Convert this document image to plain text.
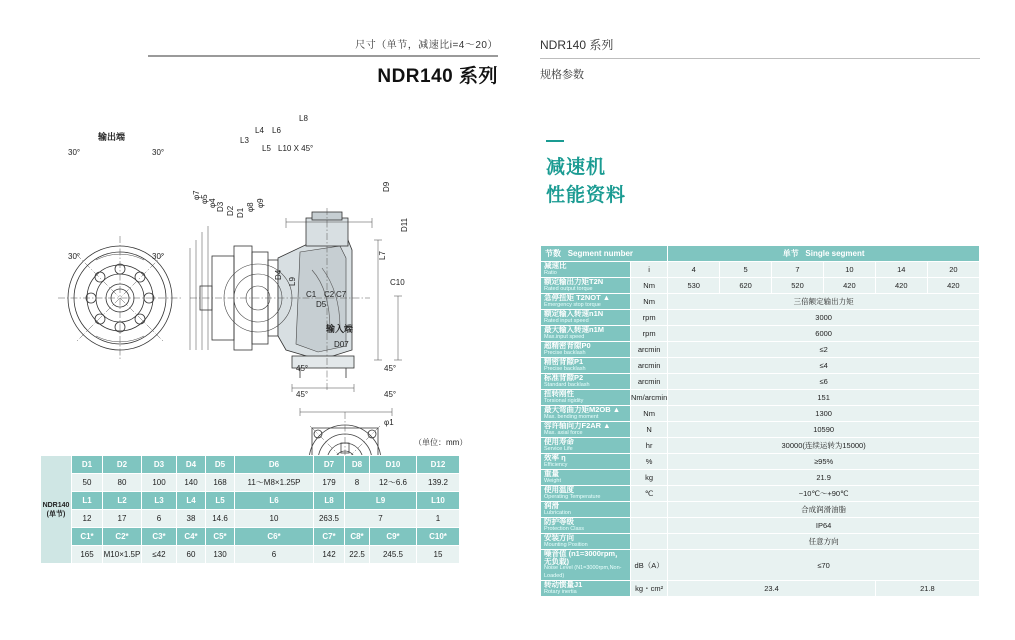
尺寸（单节，减速比i=4～20）
NDR140 系列
NDR140 系列
规格参数
减速机
性能资料
输出端
30°	30°
30°	30°
L8
L4 L6
L3
L5 L10 X 45°
φ7 φ5 φ4 D3 D2 D1
φ8 φ9
D9
D11
D4
L9
L7
C1 C2 C7
C10
D5
输入端
D07
45°
45°
45°
45°
φ1
（单位：mm）
NDR140
(单节)	D1	D2	D3	D4	D5	D6	D7	D8	D10	D12
	50	80	100	140	168	11～M8×1.25P	179	8	12～6.6	139.2
	L1	L2	L3	L4	L5	L6	L8	L9		L10
	12	17	6	38	14.6	10	263.5	7		1
	C1*	C2*	C3*	C4*	C5*	C6*	C7*	C8*	C9*	C10*
	165	M10×1.5P	≤42	60	130	6	142	22.5	245.5	15
节数 Segment number		单节 Single segment					

减速比
Ratio	i	4	5	7	10	14	20

额定输出力矩T2N
Rated output torque	Nm	530	620	520	420	420	420

急停扭矩 T2NOT ▲
Emergency stop torque	Nm	三倍额定输出力矩					

额定输入转速n1N
Rated input speed	rpm	3000					

最大输入转速n1M
Max.input speed	rpm	6000					

超精密背隙P0
Precise backlash	arcmin	≤2					

精密背隙P1
Precise backlash	arcmin	≤4					

标准背隙P2
Standard backlash	arcmin	≤6					

扭转刚性
Torsional rigidity	Nm/arcmin	151					

最大弯曲力矩M2OB ▲
Max. bending moment	Nm	1300					

容许轴向力F2AR ▲
Max. axial force	N	10590					

使用寿命
Service Life	hr	30000(连续运转为15000)					

效率 η
Efficiency	%	≥95%					

重量
Weight	kg	21.9					

使用温度
Operating Temperature	℃	−10℃～+90℃					

润滑
Lubrication		合成润滑油脂					

防护等级
Protection Class		IP64					

安装方向
Mounting Position		任意方向					

噪音值 (n1=3000rpm，无负载)
Noise Level (N1=3000rpm,Non-Loaded)	dB（A）	≤70					

转动惯量J1
Rotary inertia	kg・cm²	23.4				21.8	
